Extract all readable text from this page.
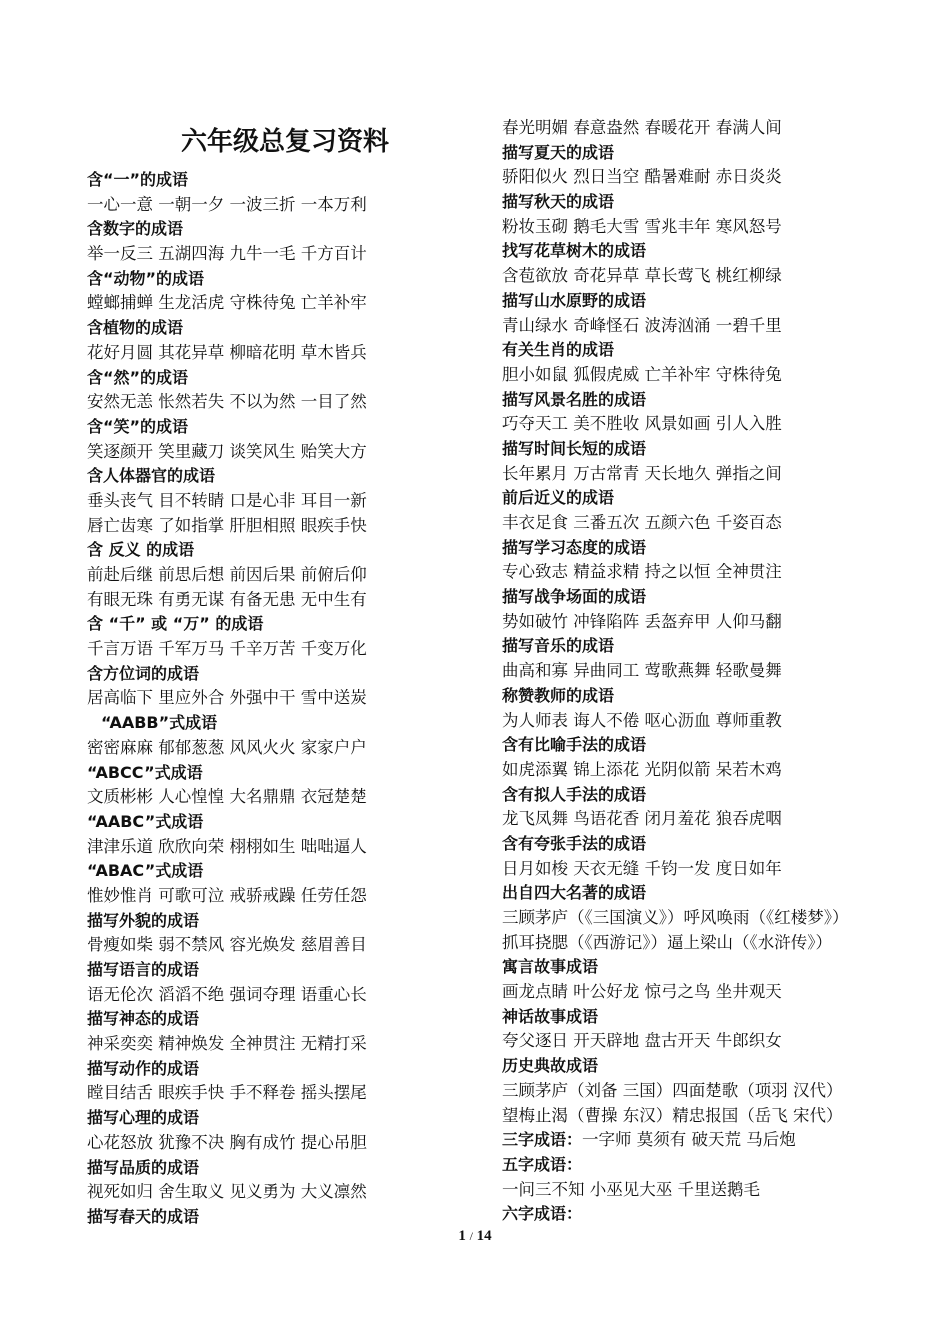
六年级总复习资料
含“一”的成语
一心一意 一朝一夕 一波三折 一本万利
含数字的成语
举一反三 五湖四海 九牛一毛 千方百计
含“动物”的成语
螳螂捕蝉 生龙活虎 守株待兔 亡羊补牢
含植物的成语
花好月圆 其花异草 柳暗花明 草木皆兵
含“然”的成语
安然无恙 怅然若失 不以为然 一目了然
含“笑”的成语
笑逐颜开 笑里藏刀 谈笑风生 贻笑大方
含人体器官的成语
垂头丧气 目不转睛 口是心非 耳目一新
唇亡齿寒 了如指掌 肝胆相照 眼疾手快
含 反义 的成语
前赴后继 前思后想 前因后果 前俯后仰
有眼无珠 有勇无谋 有备无患 无中生有
含 “千” 或 “万” 的成语
千言万语 千军万马 千辛万苦 千变万化
含方位词的成语
居高临下 里应外合 外强中干 雪中送炭
“AABB”式成语
密密麻麻 郁郁葱葱 风风火火 家家户户
“ABCC”式成语
文质彬彬 人心惶惶 大名鼎鼎 衣冠楚楚
“AABC”式成语
津津乐道 欣欣向荣 栩栩如生 咄咄逼人
“ABAC”式成语
惟妙惟肖 可歌可泣 戒骄戒躁 任劳任怨
描写外貌的成语
骨瘦如柴 弱不禁风 容光焕发 慈眉善目
描写语言的成语
语无伦次 滔滔不绝 强词夺理 语重心长
描写神态的成语
神采奕奕 精神焕发 全神贯注 无精打采
描写动作的成语
瞠目结舌 眼疾手快 手不释卷 摇头摆尾
描写心理的成语
心花怒放 犹豫不决 胸有成竹 提心吊胆
描写品质的成语
视死如归 舍生取义 见义勇为 大义凛然
描写春天的成语
春光明媚 春意盎然 春暖花开 春满人间
描写夏天的成语
骄阳似火 烈日当空 酷暑难耐 赤日炎炎
描写秋天的成语
粉妆玉砌 鹅毛大雪 雪兆丰年 寒风怒号
找写花草树木的成语
含苞欲放 奇花异草 草长莺飞 桃红柳绿
描写山水原野的成语
青山绿水 奇峰怪石 波涛汹涌 一碧千里
有关生肖的成语
胆小如鼠 狐假虎威 亡羊补牢 守株待兔
描写风景名胜的成语
巧夺天工 美不胜收 风景如画 引人入胜
描写时间长短的成语
长年累月 万古常青 天长地久 弹指之间
前后近义的成语
丰衣足食 三番五次 五颜六色 千姿百态
描写学习态度的成语
专心致志 精益求精 持之以恒 全神贯注
描写战争场面的成语
势如破竹 冲锋陷阵 丢盔弃甲 人仰马翻
描写音乐的成语
曲高和寡 异曲同工 莺歌燕舞 轻歌曼舞
称赞教师的成语
为人师表 诲人不倦 呕心沥血 尊师重教
含有比喻手法的成语
如虎添翼 锦上添花 光阴似箭 呆若木鸡
含有拟人手法的成语
龙飞凤舞 鸟语花香 闭月羞花 狼吞虎咽
含有夸张手法的成语
日月如梭 天衣无缝 千钧一发 度日如年
出自四大名著的成语
三顾茅庐（《三国演义》）呼风唤雨（《红楼梦》）
抓耳挠腮（《西游记》）逼上梁山（《水浒传》）
寓言故事成语
画龙点睛 叶公好龙 惊弓之鸟 坐井观天
神话故事成语
夸父逐日 开天辟地 盘古开天 牛郎织女
历史典故成语
三顾茅庐（刘备 三国）四面楚歌（项羽 汉代）
望梅止渴（曹操 东汉）精忠报国（岳飞 宋代）
三字成语：一字师 莫须有 破天荒 马后炮
五字成语：
一问三不知 小巫见大巫 千里送鹅毛
六字成语：
1 / 14
